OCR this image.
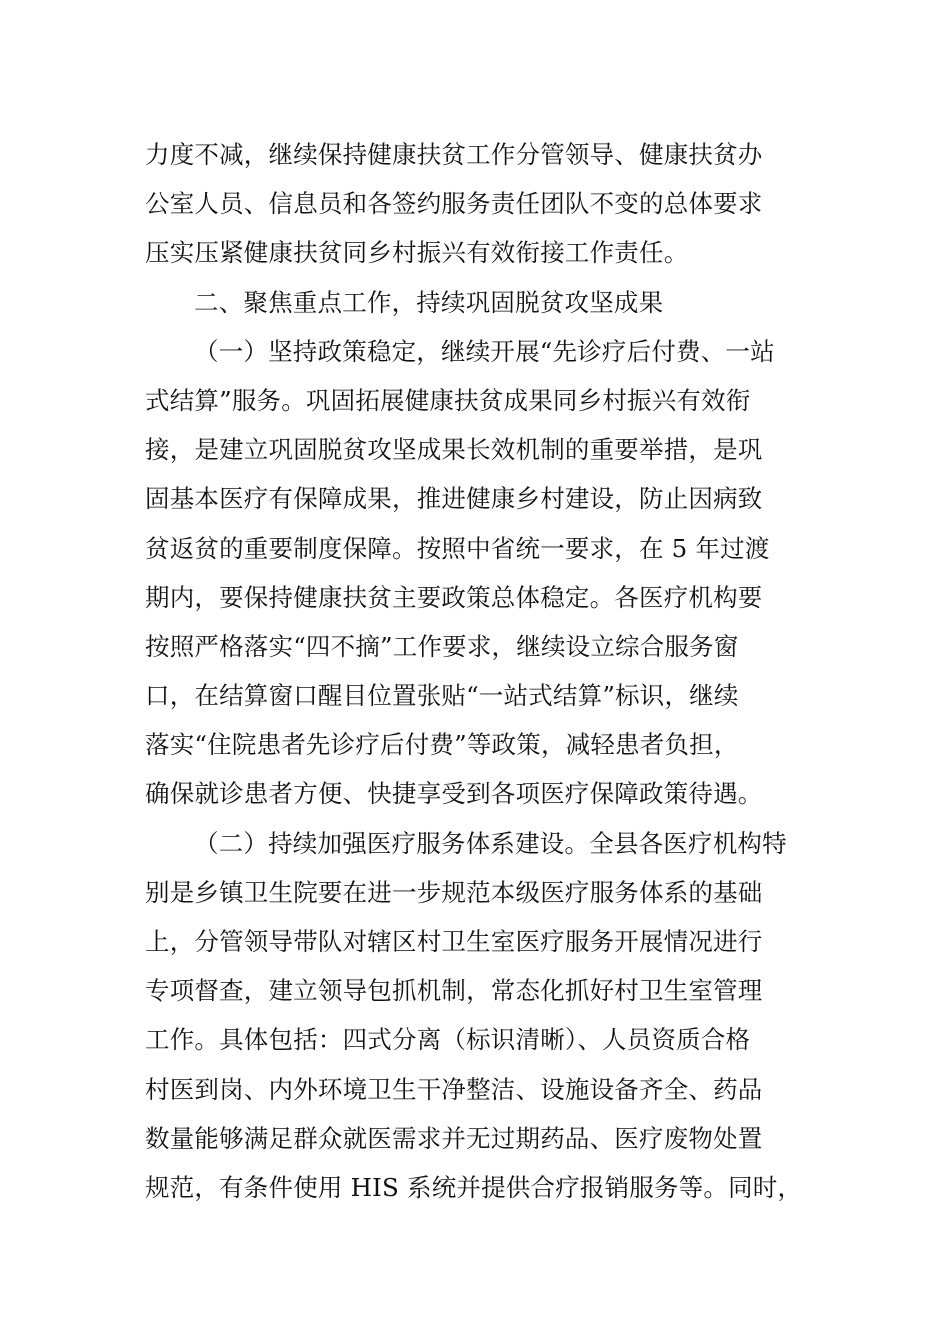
力度不减，继续保持健康扶贫工作分管领导、健康扶贫办
公室人员、信息员和各签约服务责任团队不变的总体要求
压实压紧健康扶贫同乡村振兴有效衔接工作责任。
二、聚焦重点工作，持续巩固脱贫攻坚成果
（一）坚持政策稳定，继续开展“先诊疗后付费、一站
式结算”服务。巩固拓展健康扶贫成果同乡村振兴有效衔
接，是建立巩固脱贫攻坚成果长效机制的重要举措，是巩
固基本医疗有保障成果，推进健康乡村建设，防止因病致
贫返贫的重要制度保障。按照中省统一要求，在 5 年过渡
期内，要保持健康扶贫主要政策总体稳定。各医疗机构要
按照严格落实“四不摘”工作要求，继续设立综合服务窗
口，在结算窗口醒目位置张贴“一站式结算”标识，继续
落实“住院患者先诊疗后付费”等政策，减轻患者负担，
确保就诊患者方便、快捷享受到各项医疗保障政策待遇。
（二）持续加强医疗服务体系建设。全县各医疗机构特
别是乡镇卫生院要在进一步规范本级医疗服务体系的基础
上，分管领导带队对辖区村卫生室医疗服务开展情况进行
专项督查，建立领导包抓机制，常态化抓好村卫生室管理
工作。具体包括：四式分离（标识清晰）、人员资质合格
村医到岗、内外环境卫生干净整洁、设施设备齐全、药品
数量能够满足群众就医需求并无过期药品、医疗废物处置
规范，有条件使用 HIS 系统并提供合疗报销服务等。同时，
